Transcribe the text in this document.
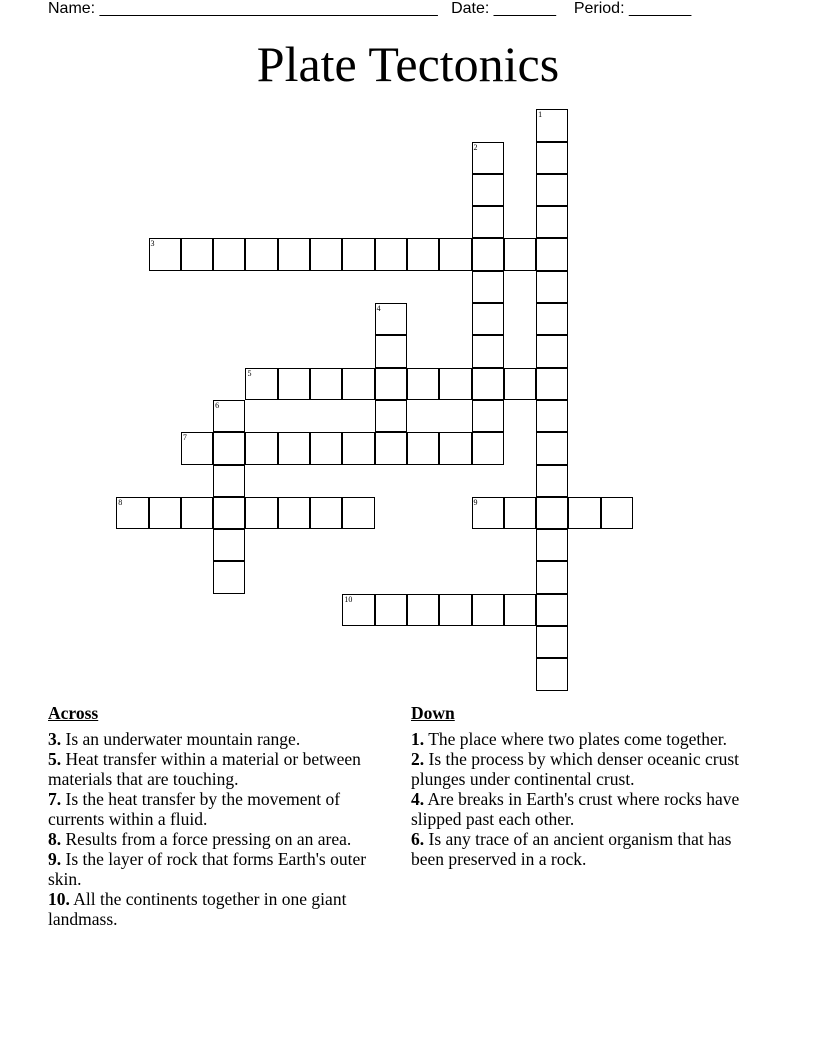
Name: ______________________________________ Date: _______ Period: _______
Plate Tectonics
1
2
3
4
5
6
7
8	9
10
Across

3. Is an underwater mountain range.

5. Heat transfer within a material or between materials that are touching.

7. Is the heat transfer by the movement of currents within a fluid.

8. Results from a force pressing on an area.

9. Is the layer of rock that forms Earth's outer skin.

10. All the continents together in one giant landmass.

Down

1. The place where two plates come together.

2. Is the process by which denser oceanic crust plunges under continental crust.

4. Are breaks in Earth's crust where rocks have slipped past each other.

6. Is any trace of an ancient organism that has been preserved in a rock.
